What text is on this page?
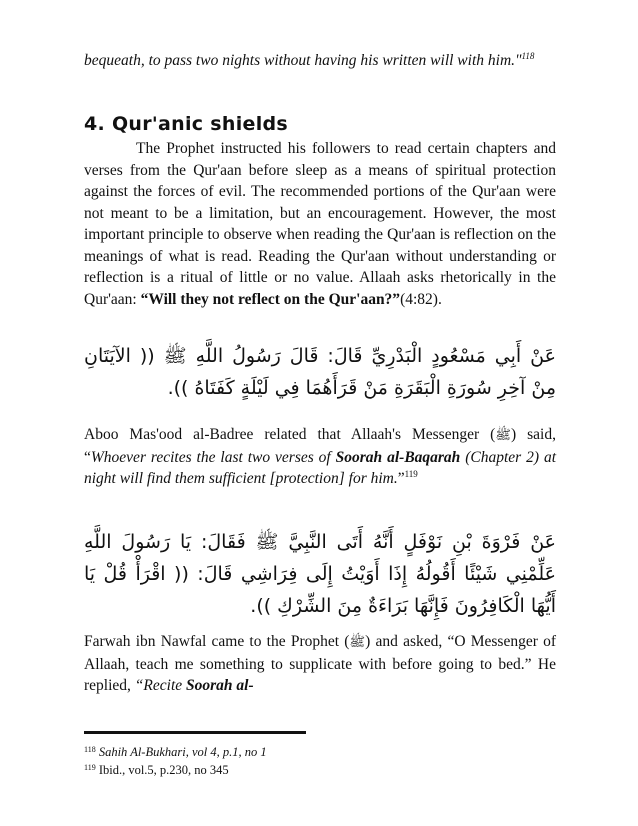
bequeath, to pass two nights without having his written will with him."$^{118}$
4. Qur'anic shields
The Prophet instructed his followers to read certain chapters and verses from the Qur'aan before sleep as a means of spiritual protection against the forces of evil. The recommended portions of the Qur'aan were not meant to be a limitation, but an encouragement. However, the most important principle to observe when reading the Qur'aan is reflection on the meanings of what is read. Reading the Qur'aan without understanding or reflection is a ritual of little or no value. Allaah asks rhetorically in the Qur'aan: “Will they not reflect on the Qur'aan?”(4:82).
عَنْ أَبِي مَسْعُودٍ الْبَدْرِيِّ قَالَ: قَالَ رَسُولُ اللَّهِ ﷺ (( الآيَتَانِ مِنْ آخِرِ سُورَةِ الْبَقَرَةِ مَنْ قَرَأَهُمَا فِي لَيْلَةٍ كَفَتَاهُ )).
Aboo Mas'ood al-Badree related that Allaah's Messenger (ﷺ) said, “Whoever recites the last two verses of Soorah al-Baqarah (Chapter 2) at night will find them sufficient [protection] for him.”$^{119}$
عَنْ فَرْوَةَ بْنِ نَوْفَلٍ أَنَّهُ أَتَى النَّبِيَّ ﷺ فَقَالَ: يَا رَسُولَ اللَّهِ عَلِّمْنِي شَيْئًا أَقُولُهُ إِذَا أَوَيْتُ إِلَى فِرَاشِي قَالَ: (( اقْرَأْ قُلْ يَا أَيُّهَا الْكَافِرُونَ فَإِنَّهَا بَرَاءَةٌ مِنَ الشِّرْكِ )).
Farwah ibn Nawfal came to the Prophet (ﷺ) and asked, “O Messenger of Allaah, teach me something to supplicate with before going to bed.” He replied, “Recite Soorah al-
$^{118}$ Sahih Al-Bukhari, vol 4, p.1, no 1
$^{119}$ Ibid., vol.5, p.230, no 345
